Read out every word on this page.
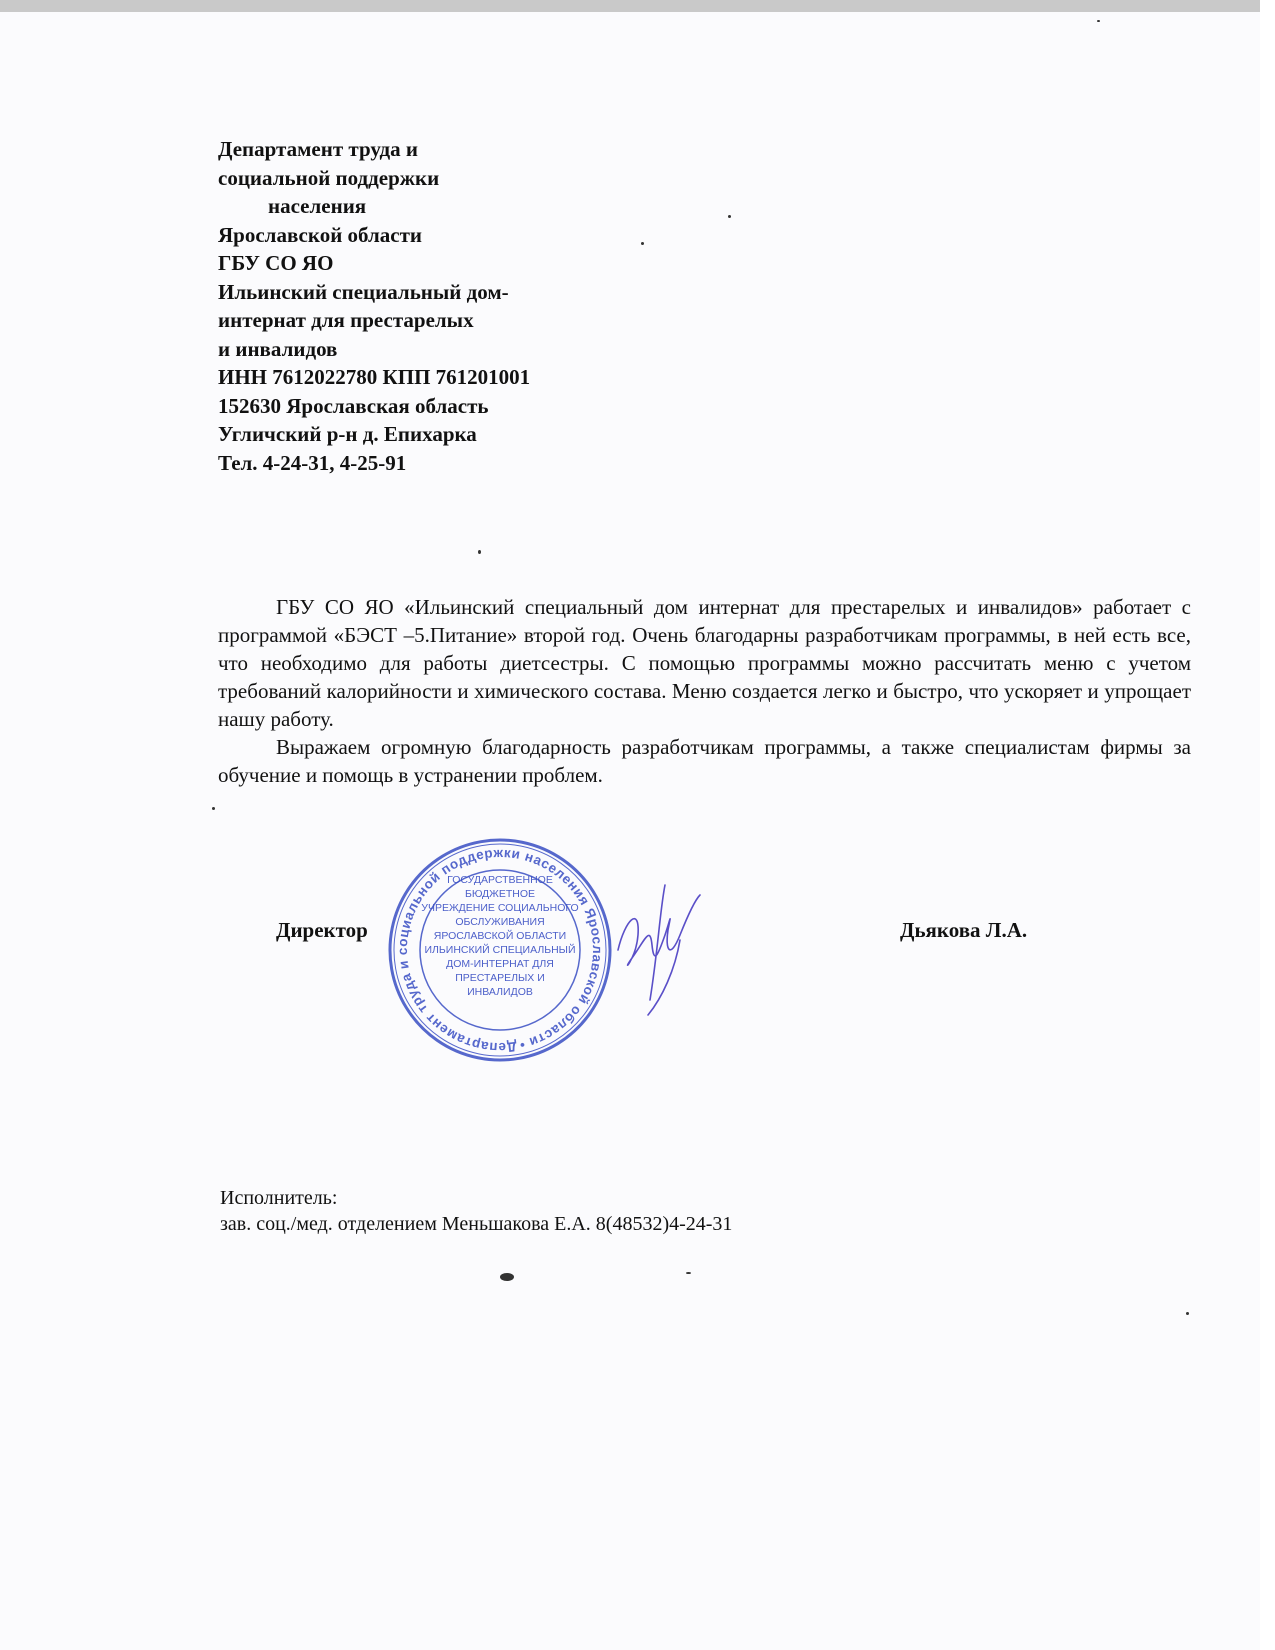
Департамент труда и
социальной поддержки
населения
Ярославской области
ГБУ СО ЯО
Ильинский специальный дом-
интернат для престарелых
и инвалидов
ИНН 7612022780 КПП 761201001
152630 Ярославская область
Угличский р-н д. Епихарка
Тел. 4-24-31, 4-25-91

ГБУ СО ЯО «Ильинский специальный дом интернат для престарелых и инвалидов» работает с программой «БЭСТ –5.Питание» второй год. Очень благодарны разработчикам программы, в ней есть все, что необходимо для работы диетсестры. С помощью программы можно рассчитать меню с учетом требований калорийности и химического состава. Меню создается легко и быстро, что ускоряет и упрощает нашу работу.

Выражаем огромную благодарность разработчикам программы, а также специалистам фирмы за обучение и помощь в устранении проблем.

Директор	Дьякова Л.А.
Департамент труда и социальной поддержки населения Ярославской области •
ГОСУДАРСТВЕННОЕ
БЮДЖЕТНОЕ
УЧРЕЖДЕНИЕ СОЦИАЛЬНОГО
ОБСЛУЖИВАНИЯ
ЯРОСЛАВСКОЙ ОБЛАСТИ
ИЛЬИНСКИЙ СПЕЦИАЛЬНЫЙ
ДОМ-ИНТЕРНАТ ДЛЯ
ПРЕСТАРЕЛЫХ И
ИНВАЛИДОВ
Исполнитель:
зав. соц./мед. отделением Меньшакова Е.А. 8(48532)4-24-31
